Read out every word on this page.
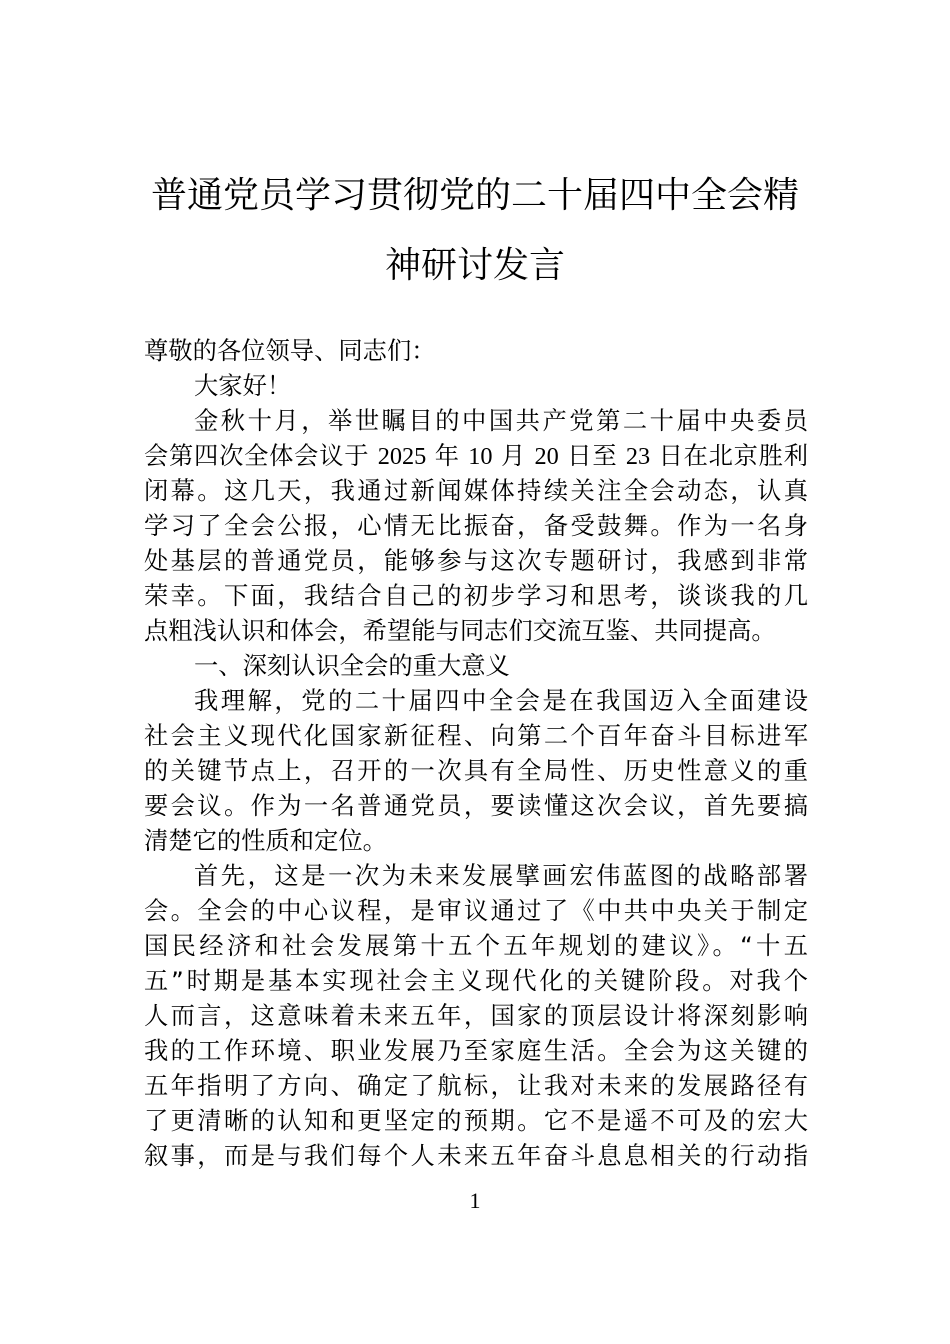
普通党员学习贯彻党的二十届四中全会精
神研讨发言
尊敬的各位领导、同志们：
大家好！
金秋十月，举世瞩目的中国共产党第二十届中央委员
会第四次全体会议于 2025 年 10 月 20 日至 23 日在北京胜利
闭幕。这几天，我通过新闻媒体持续关注全会动态，认真
学习了全会公报，心情无比振奋，备受鼓舞。作为一名身
处基层的普通党员，能够参与这次专题研讨，我感到非常
荣幸。下面，我结合自己的初步学习和思考，谈谈我的几
点粗浅认识和体会，希望能与同志们交流互鉴、共同提高。
一、深刻认识全会的重大意义
我理解，党的二十届四中全会是在我国迈入全面建设
社会主义现代化国家新征程、向第二个百年奋斗目标进军
的关键节点上，召开的一次具有全局性、历史性意义的重
要会议。作为一名普通党员，要读懂这次会议，首先要搞
清楚它的性质和定位。
首先，这是一次为未来发展擘画宏伟蓝图的战略部署
会。全会的中心议程，是审议通过了《中共中央关于制定
国民经济和社会发展第十五个五年规划的建议》。“十五
五”时期是基本实现社会主义现代化的关键阶段。对我个
人而言，这意味着未来五年，国家的顶层设计将深刻影响
我的工作环境、职业发展乃至家庭生活。全会为这关键的
五年指明了方向、确定了航标，让我对未来的发展路径有
了更清晰的认知和更坚定的预期。它不是遥不可及的宏大
叙事，而是与我们每个人未来五年奋斗息息相关的行动指
1
